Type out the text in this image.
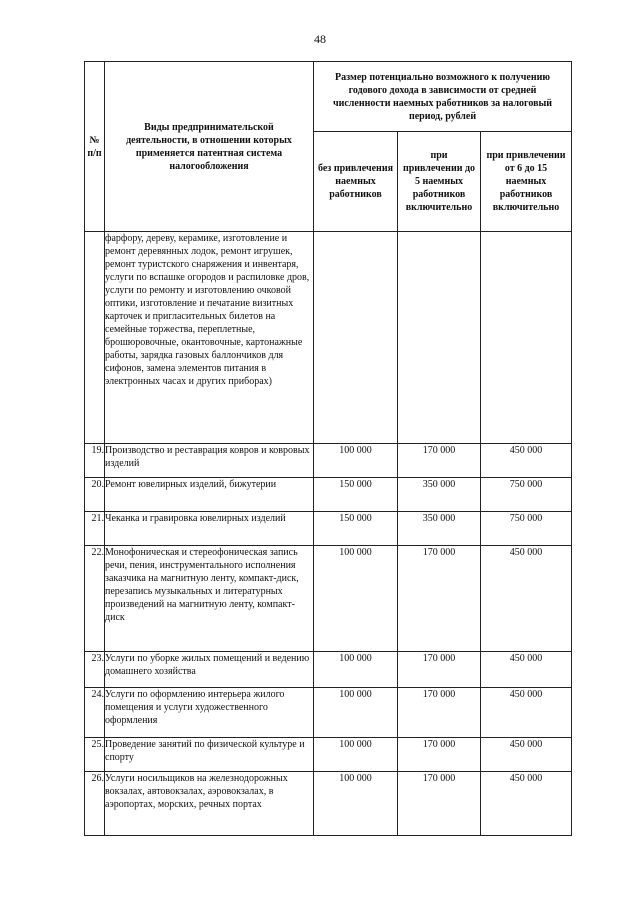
48
№ п/п	Виды предпринимательской деятельности, в отношении которых применяется патентная система налогообложения	Размер потенциально возможного к получению годового дохода в зависимости от средней численности наемных работников за налоговый период, рублей		
		без привлечения наемных работников	при привлечении до 5 наемных работников включительно	при привлечении от 6 до 15 наемных работников включительно
	фарфору, дереву, керамике, изготовление и ремонт деревянных лодок, ремонт игрушек, ремонт туристского снаряжения и инвентаря, услуги по вспашке огородов и распиловке дров, услуги по ремонту и изготовлению очковой оптики, изготовление и печатание визитных карточек и пригласительных билетов на семейные торжества, переплетные, брошюровочные, окантовочные, картонажные работы, зарядка газовых баллончиков для сифонов, замена элементов питания в электронных часах и других приборах)			
19.	Производство и реставрация ковров и ковровых изделий	100 000	170 000	450 000
20.	Ремонт ювелирных изделий, бижутерии	150 000	350 000	750 000
21.	Чеканка и гравировка ювелирных изделий	150 000	350 000	750 000
22.	Монофоническая и стереофоническая запись речи, пения, инструментального исполнения заказчика на магнитную ленту, компакт-диск, перезапись музыкальных и литературных произведений на магнитную ленту, компакт-диск	100 000	170 000	450 000
23.	Услуги по уборке жилых помещений и ведению домашнего хозяйства	100 000	170 000	450 000
24.	Услуги по оформлению интерьера жилого помещения и услуги художественного оформления	100 000	170 000	450 000
25.	Проведение занятий по физической культуре и спорту	100 000	170 000	450 000
26.	Услуги носильщиков на железнодорожных вокзалах, автовокзалах, аэровокзалах, в аэропортах, морских, речных портах	100 000	170 000	450 000
